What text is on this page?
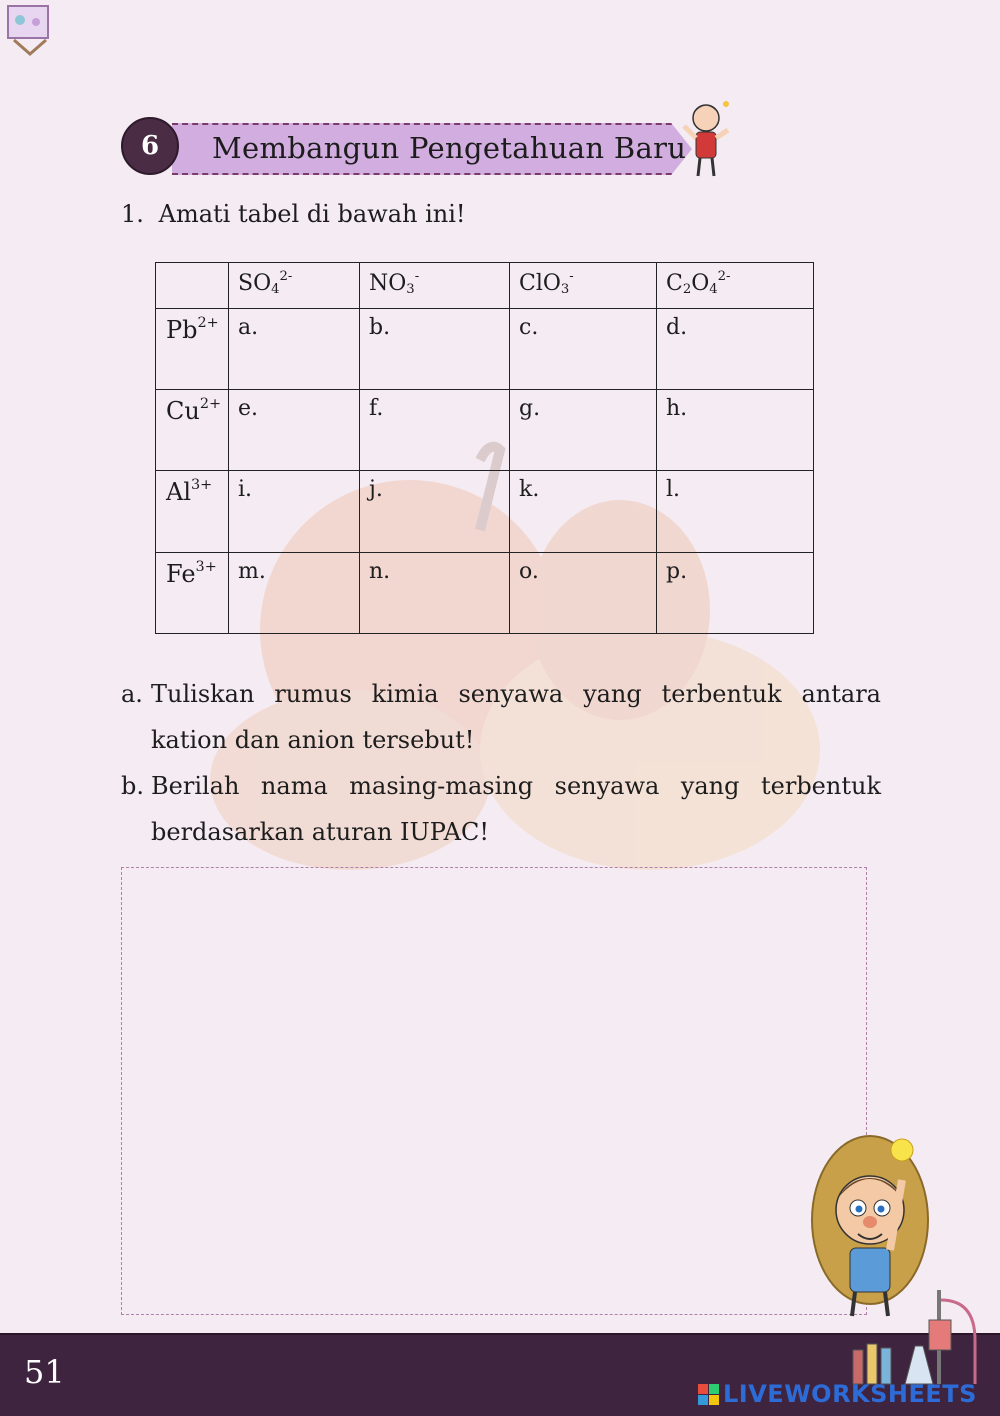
6	Membangun Pengetahuan Baru
1. Amati tabel di bawah ini!
	$SO_4^{2-}$	$NO_3^-$	ClO$_3$-	$C_2O_4^{2-}$
$Pb^{2+}$	a.	b.	c.	d.
$Cu^{2+}$	e.	f.	g.	h.
$Al^{3+}$	i.	j.	k.	l.
$Fe^{3+}$	m.	n.	o.	p.
a. Tuliskan rumus kimia senyawa yang terbentuk antara kation dan anion tersebut!
b. Berilah nama masing-masing senyawa yang terbentuk berdasarkan aturan IUPAC!
51
LIVEWORKSHEETS
